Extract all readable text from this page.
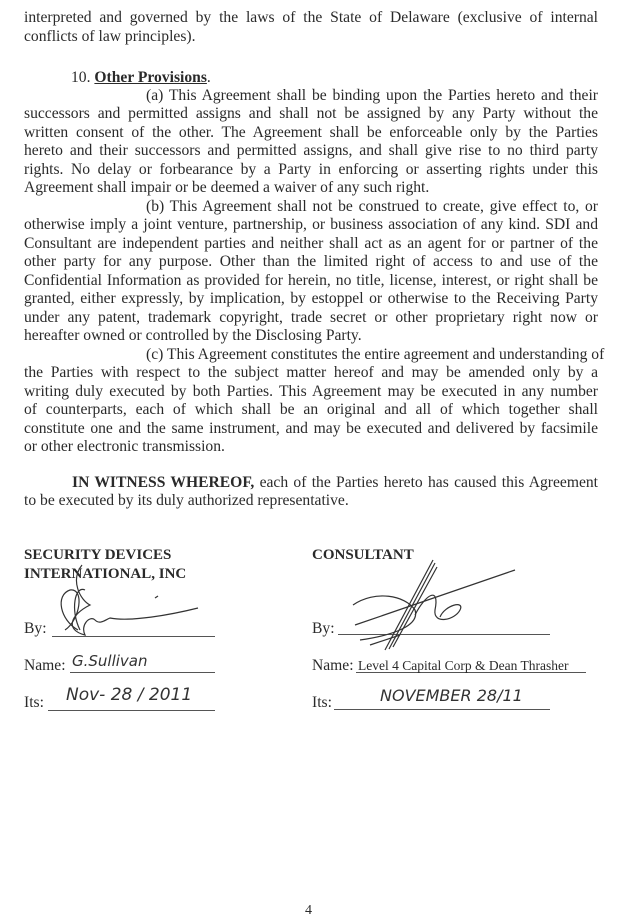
interpreted and governed by the laws of the State of Delaware (exclusive of internal
conflicts of law principles).
10. Other Provisions.
(a) This Agreement shall be binding upon the Parties hereto and their
successors and permitted assigns and shall not be assigned by any Party without the
written consent of the other. The Agreement shall be enforceable only by the Parties
hereto and their successors and permitted assigns, and shall give rise to no third party
rights. No delay or forbearance by a Party in enforcing or asserting rights under this
Agreement shall impair or be deemed a waiver of any such right.
(b) This Agreement shall not be construed to create, give effect to, or
otherwise imply a joint venture, partnership, or business association of any kind. SDI and
Consultant are independent parties and neither shall act as an agent for or partner of the
other party for any purpose. Other than the limited right of access to and use of the
Confidential Information as provided for herein, no title, license, interest, or right shall be
granted, either expressly, by implication, by estoppel or otherwise to the Receiving Party
under any patent, trademark copyright, trade secret or other proprietary right now or
hereafter owned or controlled by the Disclosing Party.
(c) This Agreement constitutes the entire agreement and understanding of
the Parties with respect to the subject matter hereof and may be amended only by a
writing duly executed by both Parties. This Agreement may be executed in any number
of counterparts, each of which shall be an original and all of which together shall
constitute one and the same instrument, and may be executed and delivered by facsimile
or other electronic transmission.
IN WITNESS WHEREOF, each of the Parties hereto has caused this Agreement
to be executed by its duly authorized representative.
SECURITY DEVICES
INTERNATIONAL, INC
By:
Name: G.Sullivan
Its: Nov- 28 / 2011
CONSULTANT
By:
Name: Level 4 Capital Corp & Dean Thrasher
Its:	NOVEMBER 28/11
4
